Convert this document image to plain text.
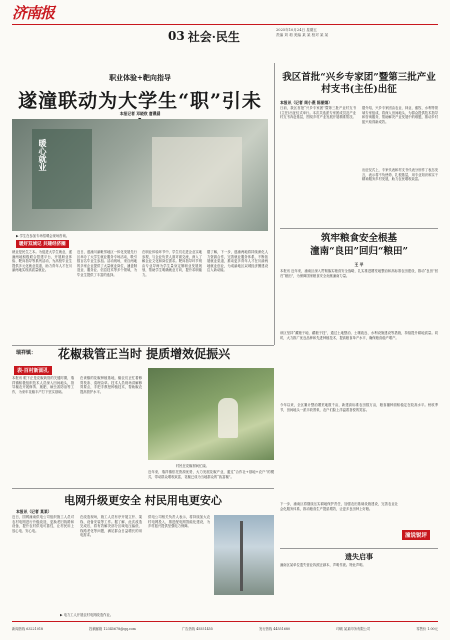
济南报
03 社会·民生	2025年10月24日 星期五
责编 刘 莉 美编 某 某 校对 某 某
职业体验+靶向指导
遂潼联动为大学生“职”引未
本报记者 邓晓欣 唐晨涵
暖心就业
▶ 学生在参加专场招聘会现场咨询。
暖好双城记 共建经济圈
就业是民生之本。为促进大学生就业，遂潼两地积极联合搭建平台，开展职业体验、靶向指导等系列活动，为高校毕业生提供多元化就业渠道，助力青年人才在川渝两地实现高质量就业。
近日，遂潼川渝毗邻地区一体化发展先行区举办了大学生就业服务专场活动，吸引数百名毕业生参加。活动现场，来自两地的多家企业提供了大量就业岗位，涵盖制造业、服务业、信息技术等多个领域，为毕业生提供了丰富的选择。
在职业体验环节中，学生们走进企业实地参观，与企业负责人面对面交流，深入了解企业文化和岗位需求。靶向指导环节则由专业导师为学生量身定制职业发展规划，帮助学生明确就业方向，提升求职能力。
据了解，下一步，遂潼两地将持续深化人力资源合作，完善就业服务体系，不断拓展就业渠道，推动更多青年人才在川渝两地就业创业，为成渝地区双城经济圈建设注入新动能。
我区首批“兴乡专家团”暨第三批产业村支书(主任)出征
本报讯（记者 周小燕 陈丽娟）
日前，我区首批“兴乡专家团”暨第三批产业村支书(主任)出征仪式举行。本次共选派专家团成员及产业村支书奔赴基层，围绕乡村产业发展开展精准帮扶。
据介绍，兴乡专家团由农业、林业、畜牧、水利等领域专家组成，将深入田间地头，为群众提供技术指导和咨询服务，帮助解决产业发展中的难题，推动乡村振兴取得新成效。
出征仪式上，专家代表和村支书代表分别作了表态发言，表示将不负使命，扎根基层，用专业知识和实干精神服务乡村发展，助力农民增收致富。
筑牢粮食安全根基
潼南“良田”回归“粮田”
王 平
本报讯 近年来，潼南区深入贯彻落实粮食安全战略，扎实推进撂荒地整治和高标准农田建设，推动“良田”回归“粮田”，为保障国家粮食安全贡献潼南力量。
该区坚持“藏粮于地、藏粮于技”，通过土地整治、土壤改良、水利设施建设等措施，持续提升耕地质量。同时，大力推广优良品种和先进种植技术，提高粮食单产水平，确保粮食稳产增产。
瑞祥镇： 花椒栽管正当时 提质增效促振兴
表·百村新面孔
本报讯 眼下正是花椒栽管的关键时期，瑞祥镇积极组织技术人员深入田间地头，指导椒农开展修剪、施肥、病虫害防治等工作，为来年花椒丰产打下坚实基础。
在该镇的花椒种植基地，椒农们正忙着修剪枝条、清理杂草。技术人员现场讲解修剪要点，手把手教授种植技术，帮助椒农提高管护水平。
村民在花椒树间忙碌。
近年来，瑞祥镇依托资源优势，大力发展花椒产业，通过“合作社+基地+农户”的模式，带动群众增收致富，花椒已成为当地群众的“致富椒”。
电网升级更安全 村民用电更安心
本报讯（记者 某某）
近日，国网潼南供电公司组织施工人员对农村电网进行升级改造，更换老旧线路和设备，提升农村供电可靠性，让村民用上放心电、安心电。
在改造现场，施工人员有序开展立杆、架线、设备安装等工作。据了解，此次改造完成后，将有效解决部分区域电压偏低、线路老化等问题，满足群众日益增长的用电需求。
供电公司相关负责人表示，将持续加大农村电网投入，推进配电网智能化建设，为乡村振兴提供坚强电力保障。
▶ 电力工人开展农村电网改造作业。
今年以来，全区累计整治撂荒地数千亩，新建高标准农田数万亩，粮食播种面积稳定在较高水平。秋收季节，田间地头一派丰收景象，农户们脸上洋溢着喜悦的笑容。
下一步，潼南区将继续压实耕地保护责任，加强农田基础设施建设，完善农业社会化服务体系，推动粮食生产提质增效，让更多良田种上好粮。
潼说锐评
遗失启事
潼南区某单位遗失营业执照正副本，声明作废。特此声明。
新闻热线 63221018	投稿邮箱 12345678@qq.com	广告热线 45551455	发行热线 44551680	印刷 某某印务有限公司	零售价 1.00元
